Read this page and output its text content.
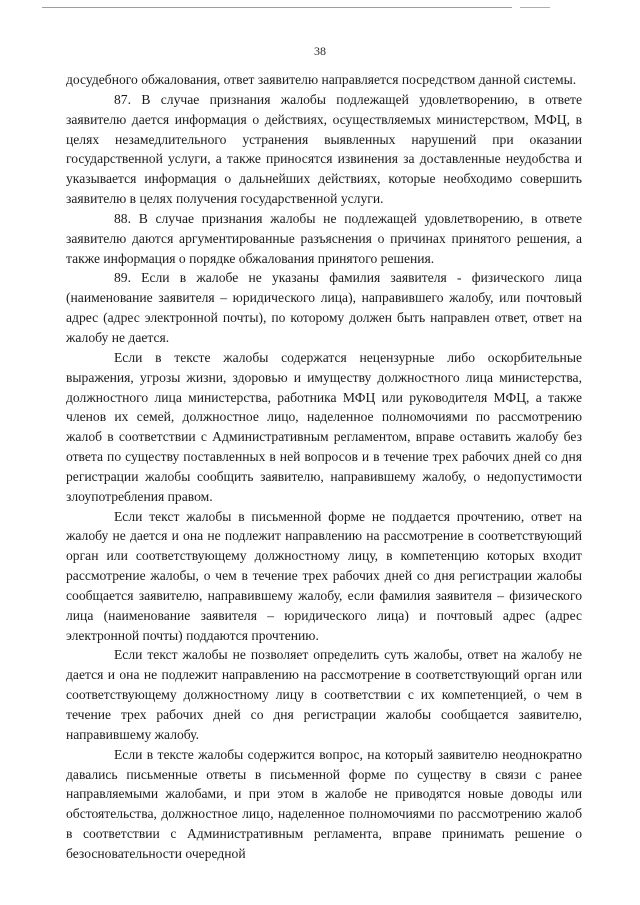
38

досудебного обжалования, ответ заявителю направляется посредством данной системы.

87. В случае признания жалобы подлежащей удовлетворению, в ответе заявителю дается информация о действиях, осуществляемых министерством, МФЦ, в целях незамедлительного устранения выявленных нарушений при оказании государственной услуги, а также приносятся извинения за доставленные неудобства и указывается информация о дальнейших действиях, которые необходимо совершить заявителю в целях получения государственной услуги.

88. В случае признания жалобы не подлежащей удовлетворению, в ответе заявителю даются аргументированные разъяснения о причинах принятого решения, а также информация о порядке обжалования принятого решения.

89. Если в жалобе не указаны фамилия заявителя - физического лица (наименование заявителя – юридического лица), направившего жалобу, или почтовый адрес (адрес электронной почты), по которому должен быть направлен ответ, ответ на жалобу не дается.

Если в тексте жалобы содержатся нецензурные либо оскорбительные выражения, угрозы жизни, здоровью и имуществу должностного лица министерства, должностного лица министерства, работника МФЦ или руководителя МФЦ, а также членов их семей, должностное лицо, наделенное полномочиями по рассмотрению жалоб в соответствии с Административным регламентом, вправе оставить жалобу без ответа по существу поставленных в ней вопросов и в течение трех рабочих дней со дня регистрации жалобы сообщить заявителю, направившему жалобу, о недопустимости злоупотребления правом.

Если текст жалобы в письменной форме не поддается прочтению, ответ на жалобу не дается и она не подлежит направлению на рассмотрение в соответствующий орган или соответствующему должностному лицу, в компетенцию которых входит рассмотрение жалобы, о чем в течение трех рабочих дней со дня регистрации жалобы сообщается заявителю, направившему жалобу, если фамилия заявителя – физического лица (наименование заявителя – юридического лица) и почтовый адрес (адрес электронной почты) поддаются прочтению.

Если текст жалобы не позволяет определить суть жалобы, ответ на жалобу не дается и она не подлежит направлению на рассмотрение в соответствующий орган или соответствующему должностному лицу в соответствии с их компетенцией, о чем в течение трех рабочих дней со дня регистрации жалобы сообщается заявителю, направившему жалобу.

Если в тексте жалобы содержится вопрос, на который заявителю неоднократно давались письменные ответы в письменной форме по существу в связи с ранее направляемыми жалобами, и при этом в жалобе не приводятся новые доводы или обстоятельства, должностное лицо, наделенное полномочиями по рассмотрению жалоб в соответствии с Административным регламента, вправе принимать решение о безосновательности очередной
